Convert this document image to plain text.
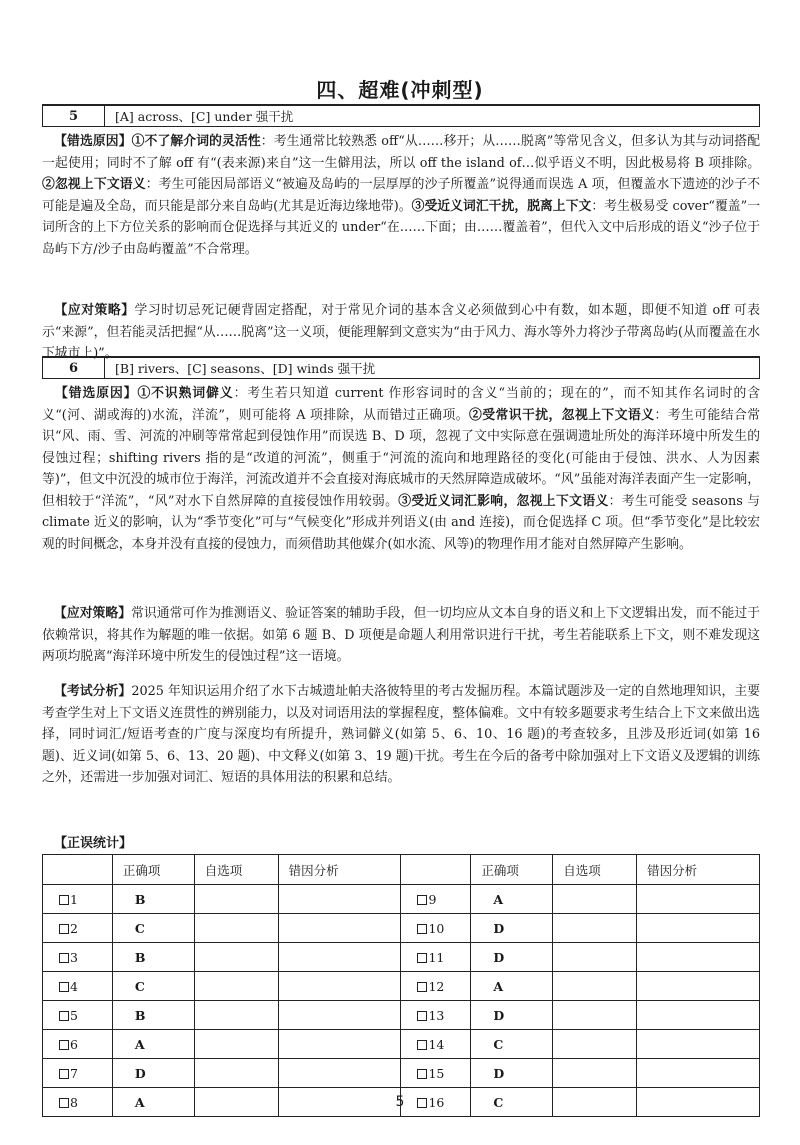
四、超难(冲刺型)
5	[A] across、[C] under 强干扰
【错选原因】①不了解介词的灵活性：考生通常比较熟悉 off“从……移开；从……脱离”等常见含义，但多认为其与动词搭配一起使用；同时不了解 off 有“(表来源)来自”这一生僻用法，所以 off the island of…似乎语义不明，因此极易将 B 项排除。②忽视上下文语义：考生可能因局部语义“被遍及岛屿的一层厚厚的沙子所覆盖”说得通而误选 A 项，但覆盖水下遗迹的沙子不可能是遍及全岛，而只能是部分来自岛屿(尤其是近海边缘地带)。③受近义词汇干扰，脱离上下文：考生极易受 cover“覆盖”一词所含的上下方位关系的影响而仓促选择与其近义的 under“在……下面；由……覆盖着”，但代入文中后形成的语义“沙子位于岛屿下方/沙子由岛屿覆盖”不合常理。
【应对策略】学习时切忌死记硬背固定搭配，对于常见介词的基本含义必须做到心中有数，如本题，即便不知道 off 可表示“来源”，但若能灵活把握“从……脱离”这一义项，便能理解到文意实为“由于风力、海水等外力将沙子带离岛屿(从而覆盖在水下城市上)”。
6	[B] rivers、[C] seasons、[D] winds 强干扰
【错选原因】①不识熟词僻义：考生若只知道 current 作形容词时的含义“当前的；现在的”，而不知其作名词时的含义“(河、湖或海的)水流，洋流”，则可能将 A 项排除，从而错过正确项。②受常识干扰，忽视上下文语义：考生可能结合常识“风、雨、雪、河流的冲刷等常常起到侵蚀作用”而误选 B、D 项，忽视了文中实际意在强调遗址所处的海洋环境中所发生的侵蚀过程；shifting rivers 指的是“改道的河流”，侧重于“河流的流向和地理路径的变化(可能由于侵蚀、洪水、人为因素等)”，但文中沉没的城市位于海洋，河流改道并不会直接对海底城市的天然屏障造成破坏。“风”虽能对海洋表面产生一定影响，但相较于“洋流”，“风”对水下自然屏障的直接侵蚀作用较弱。③受近义词汇影响，忽视上下文语义：考生可能受 seasons 与 climate 近义的影响，认为“季节变化”可与“气候变化”形成并列语义(由 and 连接)，而仓促选择 C 项。但“季节变化”是比较宏观的时间概念，本身并没有直接的侵蚀力，而须借助其他媒介(如水流、风等)的物理作用才能对自然屏障产生影响。
【应对策略】常识通常可作为推测语义、验证答案的辅助手段，但一切均应从文本自身的语义和上下文逻辑出发，而不能过于依赖常识，将其作为解题的唯一依据。如第 6 题 B、D 项便是命题人利用常识进行干扰，考生若能联系上下文，则不难发现这两项均脱离“海洋环境中所发生的侵蚀过程”这一语境。
【考试分析】2025 年知识运用介绍了水下古城遗址帕夫洛彼特里的考古发掘历程。本篇试题涉及一定的自然地理知识，主要考查学生对上下文语义连贯性的辨别能力，以及对词语用法的掌握程度，整体偏难。文中有较多题要求考生结合上下文来做出选择，同时词汇/短语考查的广度与深度均有所提升，熟词僻义(如第 5、6、10、16 题)的考查较多，且涉及形近词(如第 16 题)、近义词(如第 5、6、13、20 题)、中文释义(如第 3、19 题)干扰。考生在今后的备考中除加强对上下文语义及逻辑的训练之外，还需进一步加强对词汇、短语的具体用法的积累和总结。
【正误统计】
	正确项	自选项	错因分析		正确项	自选项	错因分析
1	B			9	A		
2	C			10	D		
3	B			11	D		
4	C			12	A		
5	B			13	D		
6	A			14	C		
7	D			15	D		
8	A			16	C		
5
